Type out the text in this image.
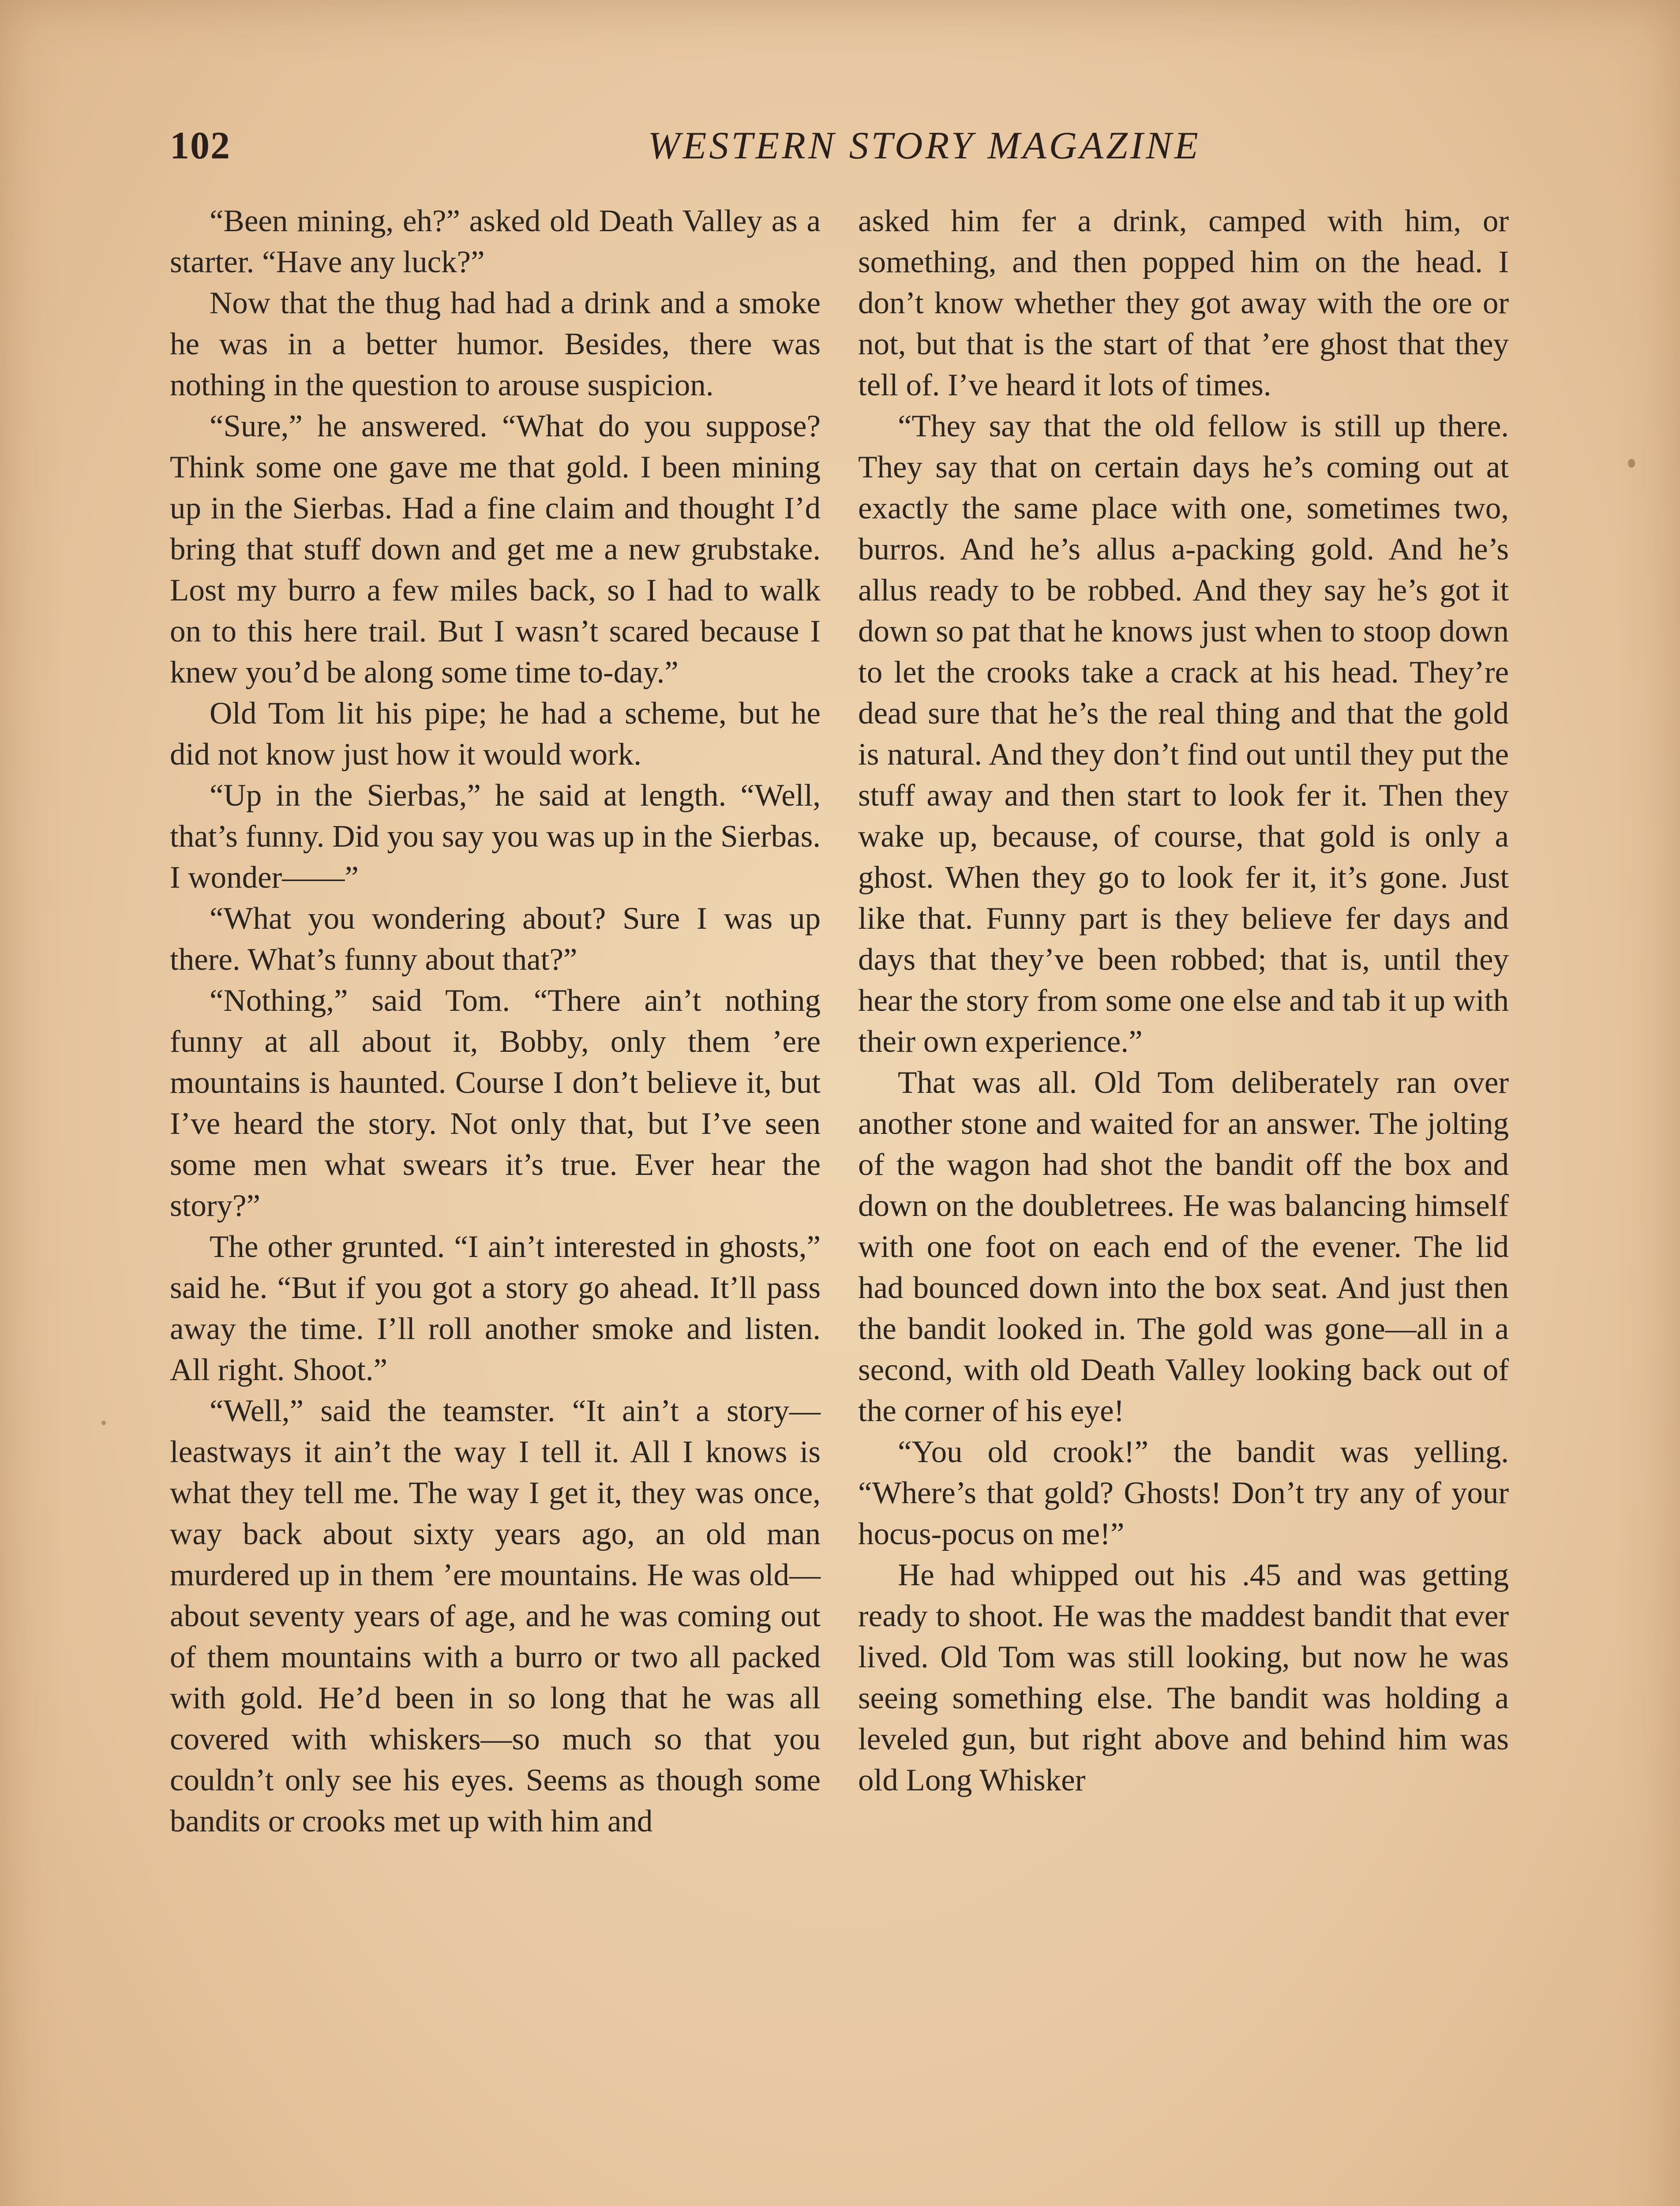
102	WESTERN STORY MAGAZINE

“Been mining, eh?” asked old Death Valley as a starter. “Have any luck?”

Now that the thug had had a drink and a smoke he was in a better humor. Besides, there was nothing in the question to arouse suspicion.

“Sure,” he answered. “What do you suppose? Think some one gave me that gold. I been mining up in the Sierbas. Had a fine claim and thought I’d bring that stuff down and get me a new grubstake. Lost my burro a few miles back, so I had to walk on to this here trail. But I wasn’t scared because I knew you’d be along some time to-day.”

Old Tom lit his pipe; he had a scheme, but he did not know just how it would work.

“Up in the Sierbas,” he said at length. “Well, that’s funny. Did you say you was up in the Sierbas. I wonder——”

“What you wondering about? Sure I was up there. What’s funny about that?”

“Nothing,” said Tom. “There ain’t nothing funny at all about it, Bobby, only them ’ere mountains is haunted. Course I don’t believe it, but I’ve heard the story. Not only that, but I’ve seen some men what swears it’s true. Ever hear the story?”

The other grunted. “I ain’t interested in ghosts,” said he. “But if you got a story go ahead. It’ll pass away the time. I’ll roll another smoke and listen. All right. Shoot.”

“Well,” said the teamster. “It ain’t a story—leastways it ain’t the way I tell it. All I knows is what they tell me. The way I get it, they was once, way back about sixty years ago, an old man murdered up in them ’ere mountains. He was old—about seventy years of age, and he was coming out of them mountains with a burro or two all packed with gold. He’d been in so long that he was all covered with whiskers—so much so that you couldn’t only see his eyes. Seems as though some bandits or crooks met up with him and

asked him fer a drink, camped with him, or something, and then popped him on the head. I don’t know whether they got away with the ore or not, but that is the start of that ’ere ghost that they tell of. I’ve heard it lots of times.

“They say that the old fellow is still up there. They say that on certain days he’s coming out at exactly the same place with one, sometimes two, burros. And he’s allus a-packing gold. And he’s allus ready to be robbed. And they say he’s got it down so pat that he knows just when to stoop down to let the crooks take a crack at his head. They’re dead sure that he’s the real thing and that the gold is natural. And they don’t find out until they put the stuff away and then start to look fer it. Then they wake up, because, of course, that gold is only a ghost. When they go to look fer it, it’s gone. Just like that. Funny part is they believe fer days and days that they’ve been robbed; that is, until they hear the story from some one else and tab it up with their own experience.”

That was all. Old Tom deliberately ran over another stone and waited for an answer. The jolting of the wagon had shot the bandit off the box and down on the doubletrees. He was balancing himself with one foot on each end of the evener. The lid had bounced down into the box seat. And just then the bandit looked in. The gold was gone—all in a second, with old Death Valley looking back out of the corner of his eye!

“You old crook!” the bandit was yelling. “Where’s that gold? Ghosts! Don’t try any of your hocus-pocus on me!”

He had whipped out his .45 and was getting ready to shoot. He was the maddest bandit that ever lived. Old Tom was still looking, but now he was seeing something else. The bandit was holding a leveled gun, but right above and behind him was old Long Whisker
